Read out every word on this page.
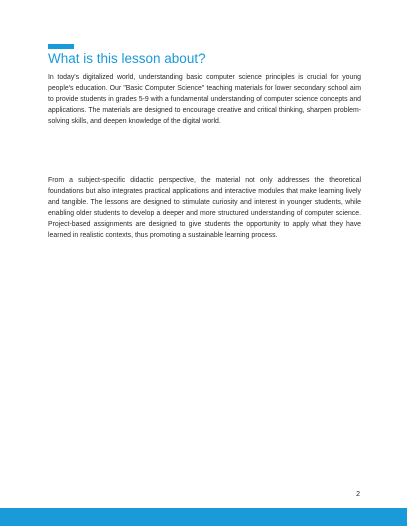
What is this lesson about?

In today's digitalized world, understanding basic computer science principles is crucial for young people's education. Our "Basic Computer Science" teaching materials for lower secondary school aim to provide students in grades 5-9 with a fundamental understanding of computer science concepts and applications. The materials are designed to encourage creative and critical thinking, sharpen problem-solving skills, and deepen knowledge of the digital world.

From a subject-specific didactic perspective, the material not only addresses the theoretical foundations but also integrates practical applications and interactive modules that make learning lively and tangible. The lessons are designed to stimulate curiosity and interest in younger students, while enabling older students to develop a deeper and more structured understanding of computer science. Project-based assignments are designed to give students the opportunity to apply what they have learned in realistic contexts, thus promoting a sustainable learning process.

2
